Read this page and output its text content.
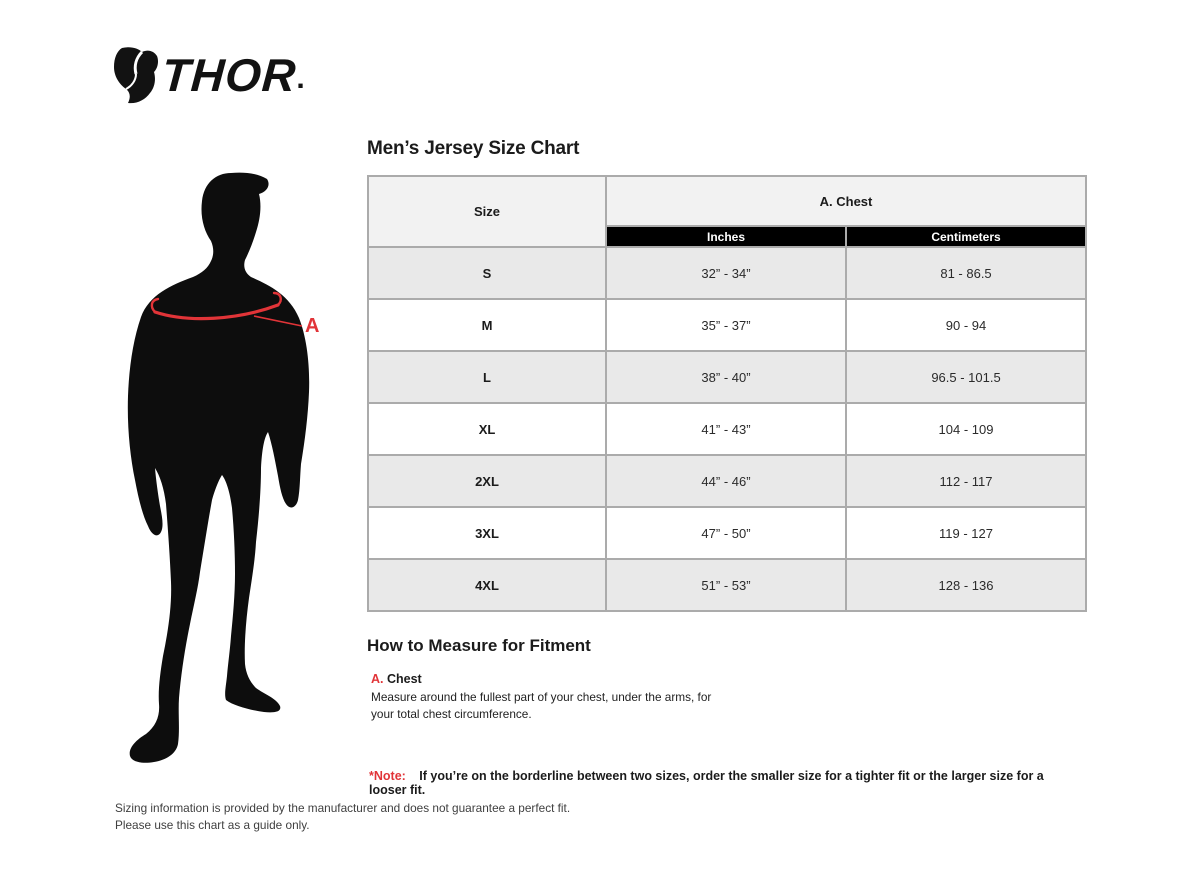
THOR
.
A
Men’s Jersey Size Chart
Size	A. Chest	
	Inches	Centimeters
S	32” - 34”	81 - 86.5
M	35” - 37”	90 - 94
L	38” - 40”	96.5 - 101.5
XL	41” - 43”	104 - 109
2XL	44” - 46”	112 - 117
3XL	47” - 50”	119 - 127
4XL	51” - 53”	128 - 136
How to Measure for Fitment
A. Chest
Measure around the fullest part of your chest, under the arms, for your total chest circumference.
*Note: If you’re on the borderline between two sizes, order the smaller size for a tighter fit or the larger size for a looser fit.
Sizing information is provided by the manufacturer and does not guarantee a perfect fit.
Please use this chart as a guide only.
